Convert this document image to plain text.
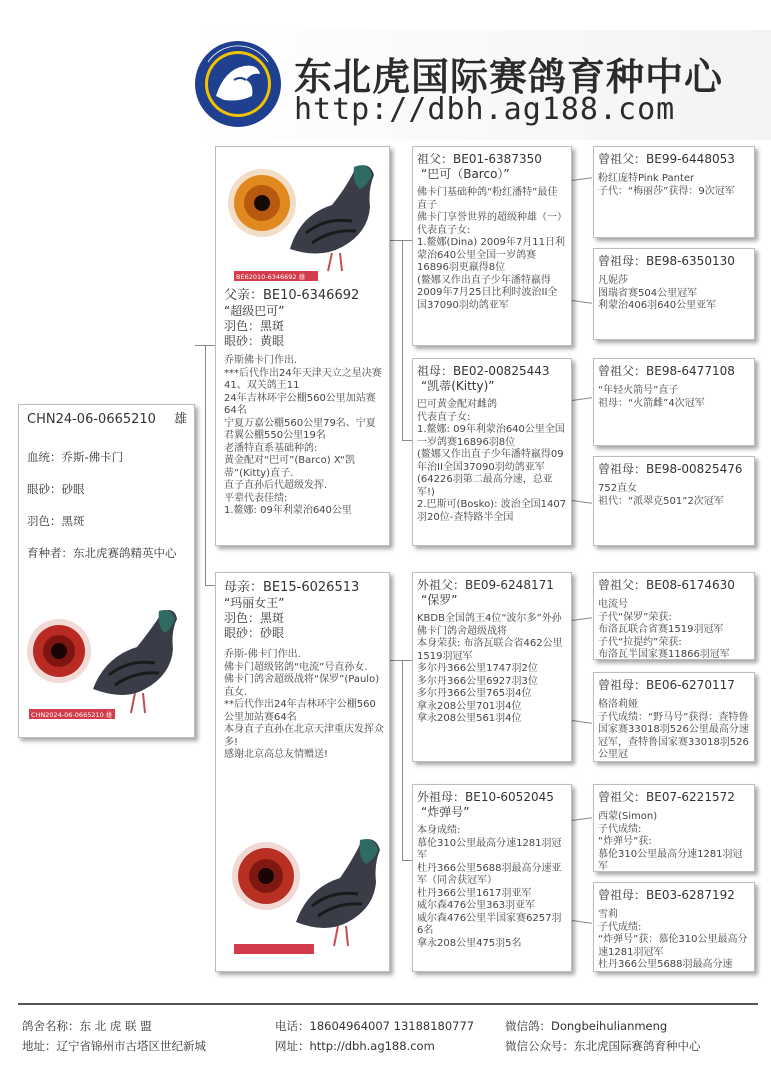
东北虎国际赛鸽育种中心
http://dbh.ag188.com
CHN24-06-0665210 雄

血统：乔斯-佛卡门

眼砂：砂眼

羽色：黑斑

育种者：东北虎赛鸽精英中心

CHN2024-06-0665210 雄
BE62010-6346692 雄
父亲：BE10-6346692
“超级巴可”
羽色：黑斑
眼砂：黄眼
乔斯佛卡门作出.
***后代作出24年天津天立之星决赛41、双关鸽王11
24年吉林环宇公棚560公里加站赛64名
宁夏万嘉公棚560公里79名、宁夏君翼公棚550公里19名
老潘特直系基础种鸽:
黄金配对“巴可”(Barco) X“凯蒂”(Kitty)直子.
直子直孙后代超级发挥.
平辈代表佳绩:
1.鳌娜: 09年利蒙治640公里
母亲：BE15-6026513
“玛丽女王”
羽色：黑斑
眼砂：砂眼
乔斯-佛卡门作出.
佛卡门超级铭鸽“电流”号直孙女.
佛卡门鸽舍超级战将“保罗”(Paulo)直女.
**后代作出24年吉林环宇公棚560公里加站赛64名
本身直子直孙在北京天津重庆发挥众多!
感谢北京高总友情赠送!
祖父：BE01-6387350
“巴可（Barco）”
佛卡门基础种鸽“粉红潘特”最佳直子
佛卡门享誉世界的超级种雄（一）代表直子女:
1.鳌娜(Dina) 2009年7月11日利蒙治640公里全国一岁鸽赛16896羽更羸得8位
(鳌娜又作出直子少年潘特羸得2009年7月25日比利时波治II全国37090羽幼鸽亚军
祖母：BE02-00825443
“凯蒂(Kitty)”
巴可黄金配对雌鸽
代表直子女:
1.鳌娜: 09年利蒙治640公里全国一岁鸽赛16896羽8位
(鳌娜又作出直子少年潘特羸得09年治II全国37090羽幼鸽亚军(64226羽第二最高分速，总亚军!)
2.巴斯可(Bosko): 波治全国1407羽20位-查特路半全国
外祖父：BE09-6248171
“保罗”
KBDB全国鸽王4位“波尔多”外孙
佛卡门鸽舍超级战将
本身荣获: 布洛瓦联合省462公里1519羽冠军
多尔丹366公里1747羽2位
多尔丹366公里6927羽3位
多尔丹366公里765羽4位
拿永208公里701羽4位
拿永208公里561羽4位
外祖母：BE10-6052045
“炸弹号”
本身成绩:
慕伦310公里最高分速1281羽冠军
杜丹366公里5688羽最高分速亚军（同舍获冠军）
杜丹366公里1617羽亚军
威尔森476公里363羽亚军
威尔森476公里半国家赛6257羽6名
拿永208公里475羽5名
曾祖父：BE99-6448053
粉红庞特Pink Panter
子代：“梅丽莎”获得：9次冠军
曾祖母：BE98-6350130
凡妮莎
图瑞省赛504公里冠军
利蒙治406羽640公里亚军
曾祖父：BE98-6477108
“年轻火箭号”直子
祖母：“火箭雌”4次冠军
曾祖母：BE98-00825476
752直女
祖代：“派翠克501”2次冠军
曾祖父：BE08-6174630
电流号
子代“保罗”荣获:
布洛瓦联合省赛1519羽冠军
子代“拉提约”荣获:
布洛瓦半国家赛11866羽冠军
曾祖母：BE06-6270117
格洛莉娅
子代成绩：“野马号”获得：查特鲁国家赛33018羽526公里最高分速冠军，查特鲁国家赛33018羽526公里冠
曾祖父：BE07-6221572
西蒙(Simon)
子代成绩:
“炸弹号”获:
慕伦310公里最高分速1281羽冠军
曾祖母：BE03-6287192
雪莉
子代成绩:
“炸弹号”获：慕伦310公里最高分速1281羽冠军
杜丹366公里5688羽最高分速
鸽舍名称：东 北 虎 联 盟	电话：18604964007 13188180777	微信鸽：Dongbeihulianmeng
地址：辽宁省锦州市古塔区世纪新城	网址：http://dbh.ag188.com	微信公众号：东北虎国际赛鸽育种中心
